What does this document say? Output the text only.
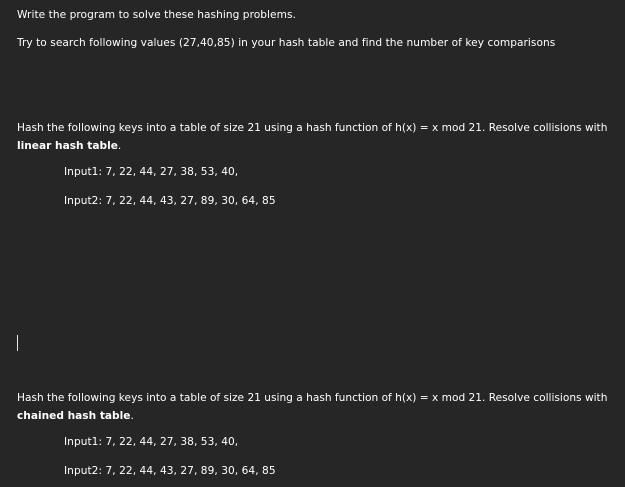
Write the program to solve these hashing problems.
Try to search following values (27,40,85) in your hash table and find the number of key comparisons
Hash the following keys into a table of size 21 using a hash function of h(x) = x mod 21. Resolve collisions with linear hash table.
Input1: 7, 22, 44, 27, 38, 53, 40,
Input2: 7, 22, 44, 43, 27, 89, 30, 64, 85
Hash the following keys into a table of size 21 using a hash function of h(x) = x mod 21. Resolve collisions with chained hash table.
Input1: 7, 22, 44, 27, 38, 53, 40,
Input2: 7, 22, 44, 43, 27, 89, 30, 64, 85
